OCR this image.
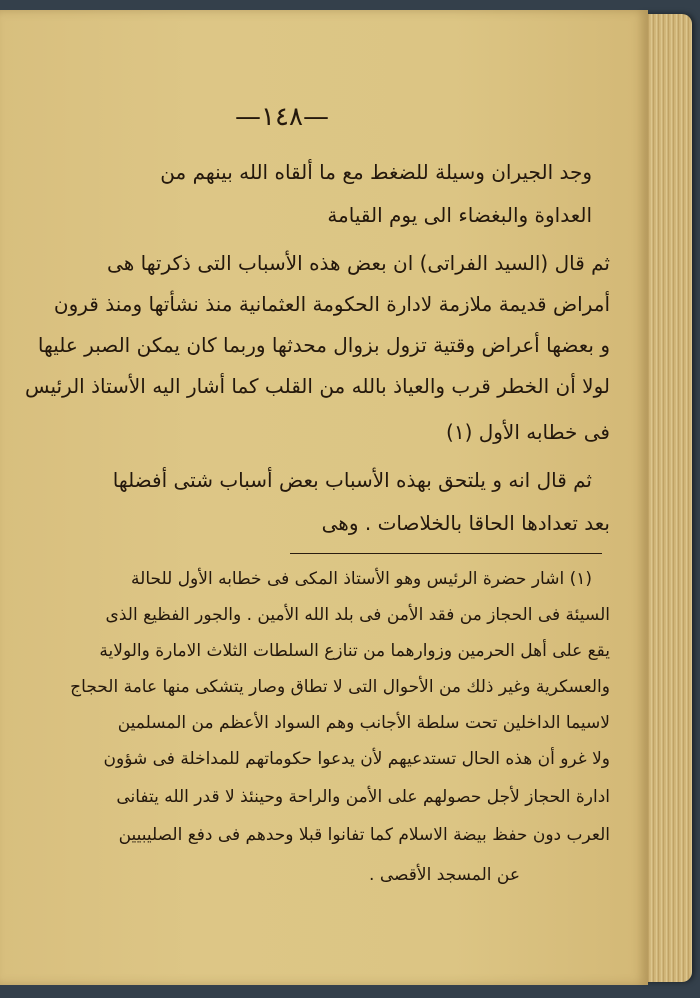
—١٤٨—

وجد الجيران وسيلة للضغط مع ما ألقاه الله بينهم من

العداوة والبغضاء الى يوم القيامة

ثم قال (السيد الفراتى) ان بعض هذه الأسباب التى ذكرتها هى

أمراض قديمة ملازمة لادارة الحكومة العثمانية منذ نشأتها ومنذ قرون

و بعضها أعراض وقتية تزول بزوال محدثها وربما كان يمكن الصبر عليها

لولا أن الخطر قرب والعياذ بالله من القلب كما أشار اليه الأستاذ الرئيس

فى خطابه الأول (١)

ثم قال انه و يلتحق بهذه الأسباب بعض أسباب شتى أفضلها

بعد تعدادها الحاقا بالخلاصات . وهى

(١) اشار حضرة الرئيس وهو الأستاذ المكى فى خطابه الأول للحالة

السيئة فى الحجاز من فقد الأمن فى بلد الله الأمين . والجور الفظيع الذى

يقع على أهل الحرمين وزوارهما من تنازع السلطات الثلاث الامارة والولاية

والعسكرية وغير ذلك من الأحوال التى لا تطاق وصار يتشكى منها عامة الحجاج

لاسيما الداخلين تحت سلطة الأجانب وهم السواد الأعظم من المسلمين

ولا غرو أن هذه الحال تستدعيهم لأن يدعوا حكوماتهم للمداخلة فى شؤون

ادارة الحجاز لأجل حصولهم على الأمن والراحة وحينئذ لا قدر الله يتفانى

العرب دون حفظ بيضة الاسلام كما تفانوا قبلا وحدهم فى دفع الصليبيين

عن المسجد الأقصى .
